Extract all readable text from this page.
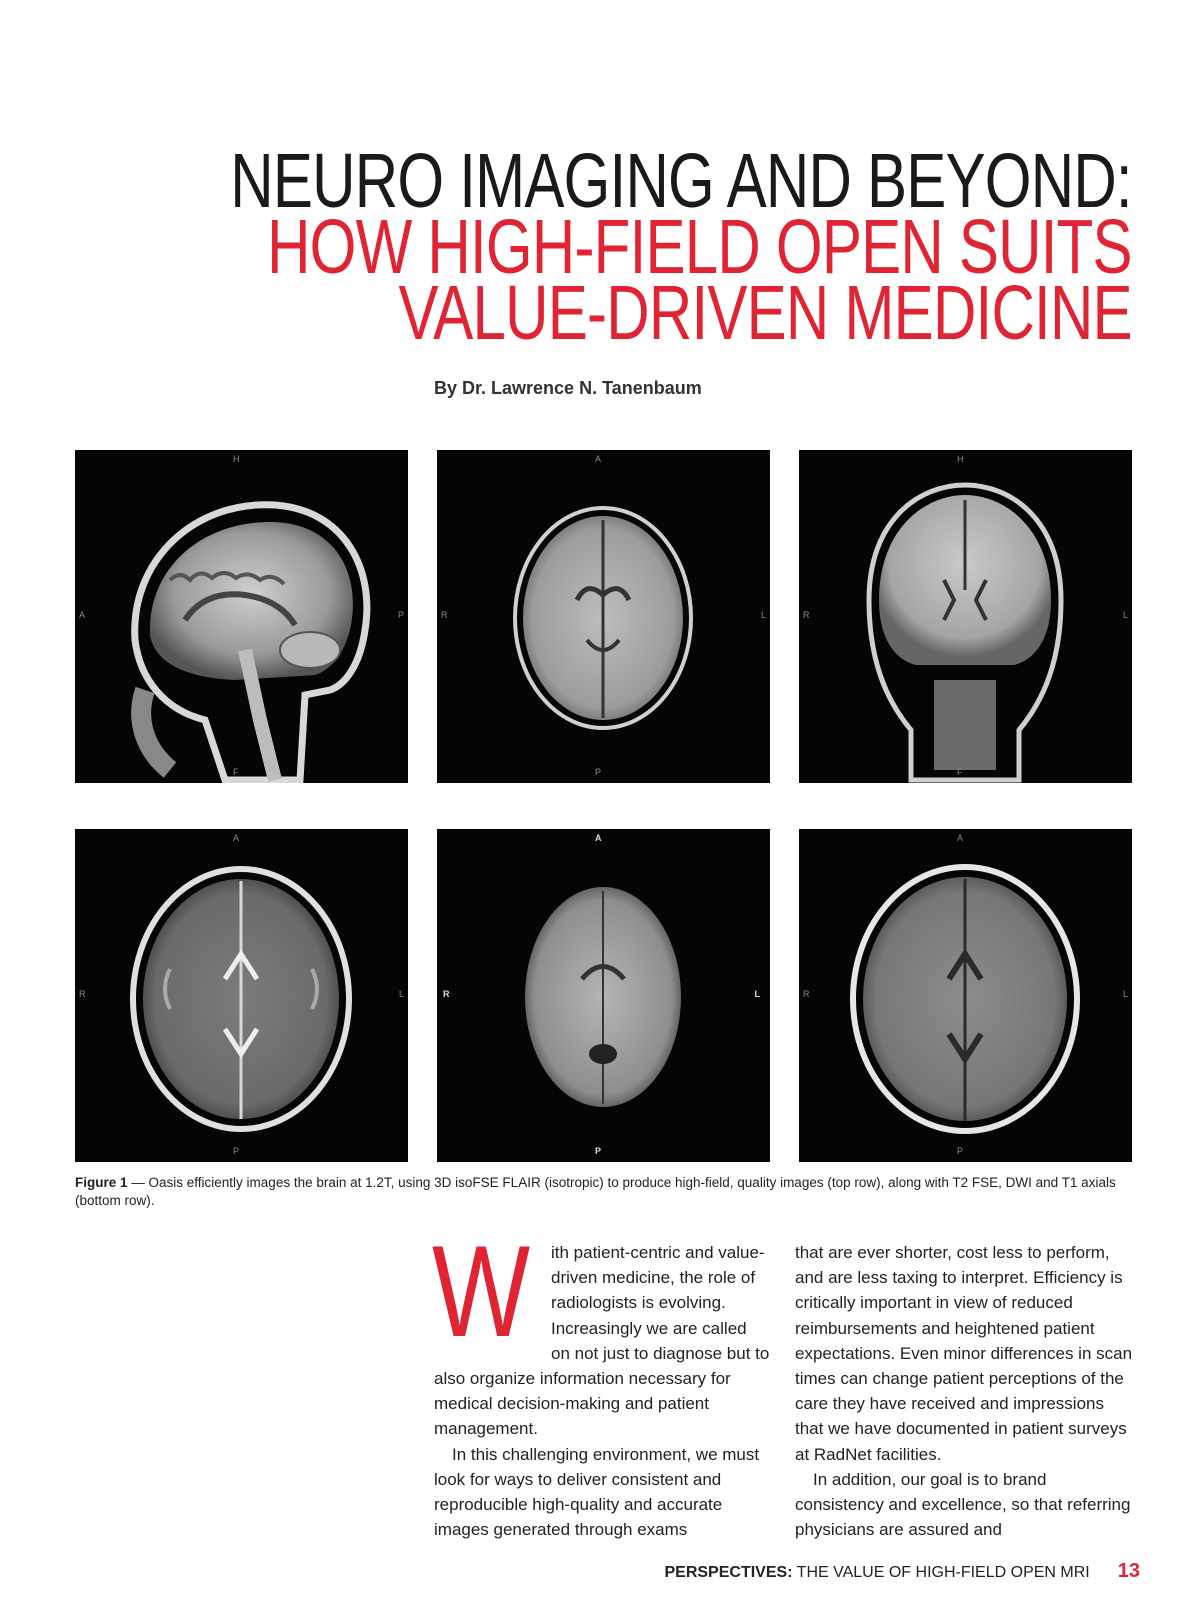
NEURO IMAGING AND BEYOND:
HOW HIGH-FIELD OPEN SUITS
VALUE-DRIVEN MEDICINE
By Dr. Lawrence N. Tanenbaum
H
F
A	P
A
P
R	L
H
F
R	L
A
P
R	L
A
P
R	L
A
P
R	L
Figure 1 — Oasis efficiently images the brain at 1.2T, using 3D isoFSE FLAIR (isotropic) to produce high-field, quality images (top row), along with T2 FSE, DWI and T1 axials (bottom row).
W	ith patient-centric and value-driven medicine, the role of radiologists is evolving. Increasingly we are called on not just to diagnose but to also organize information necessary for medical decision-making and patient management.

In this challenging environment, we must look for ways to deliver consistent and reproducible high-quality and accurate images generated through exams

that are ever shorter, cost less to perform, and are less taxing to interpret. Efficiency is critically important in view of reduced reimbursements and heightened patient expectations. Even minor differences in scan times can change patient perceptions of the care they have received and impressions that we have documented in patient surveys at RadNet facilities.

In addition, our goal is to brand consistency and excellence, so that referring physicians are assured and

PERSPECTIVES: THE VALUE OF HIGH-FIELD OPEN MRI 13
